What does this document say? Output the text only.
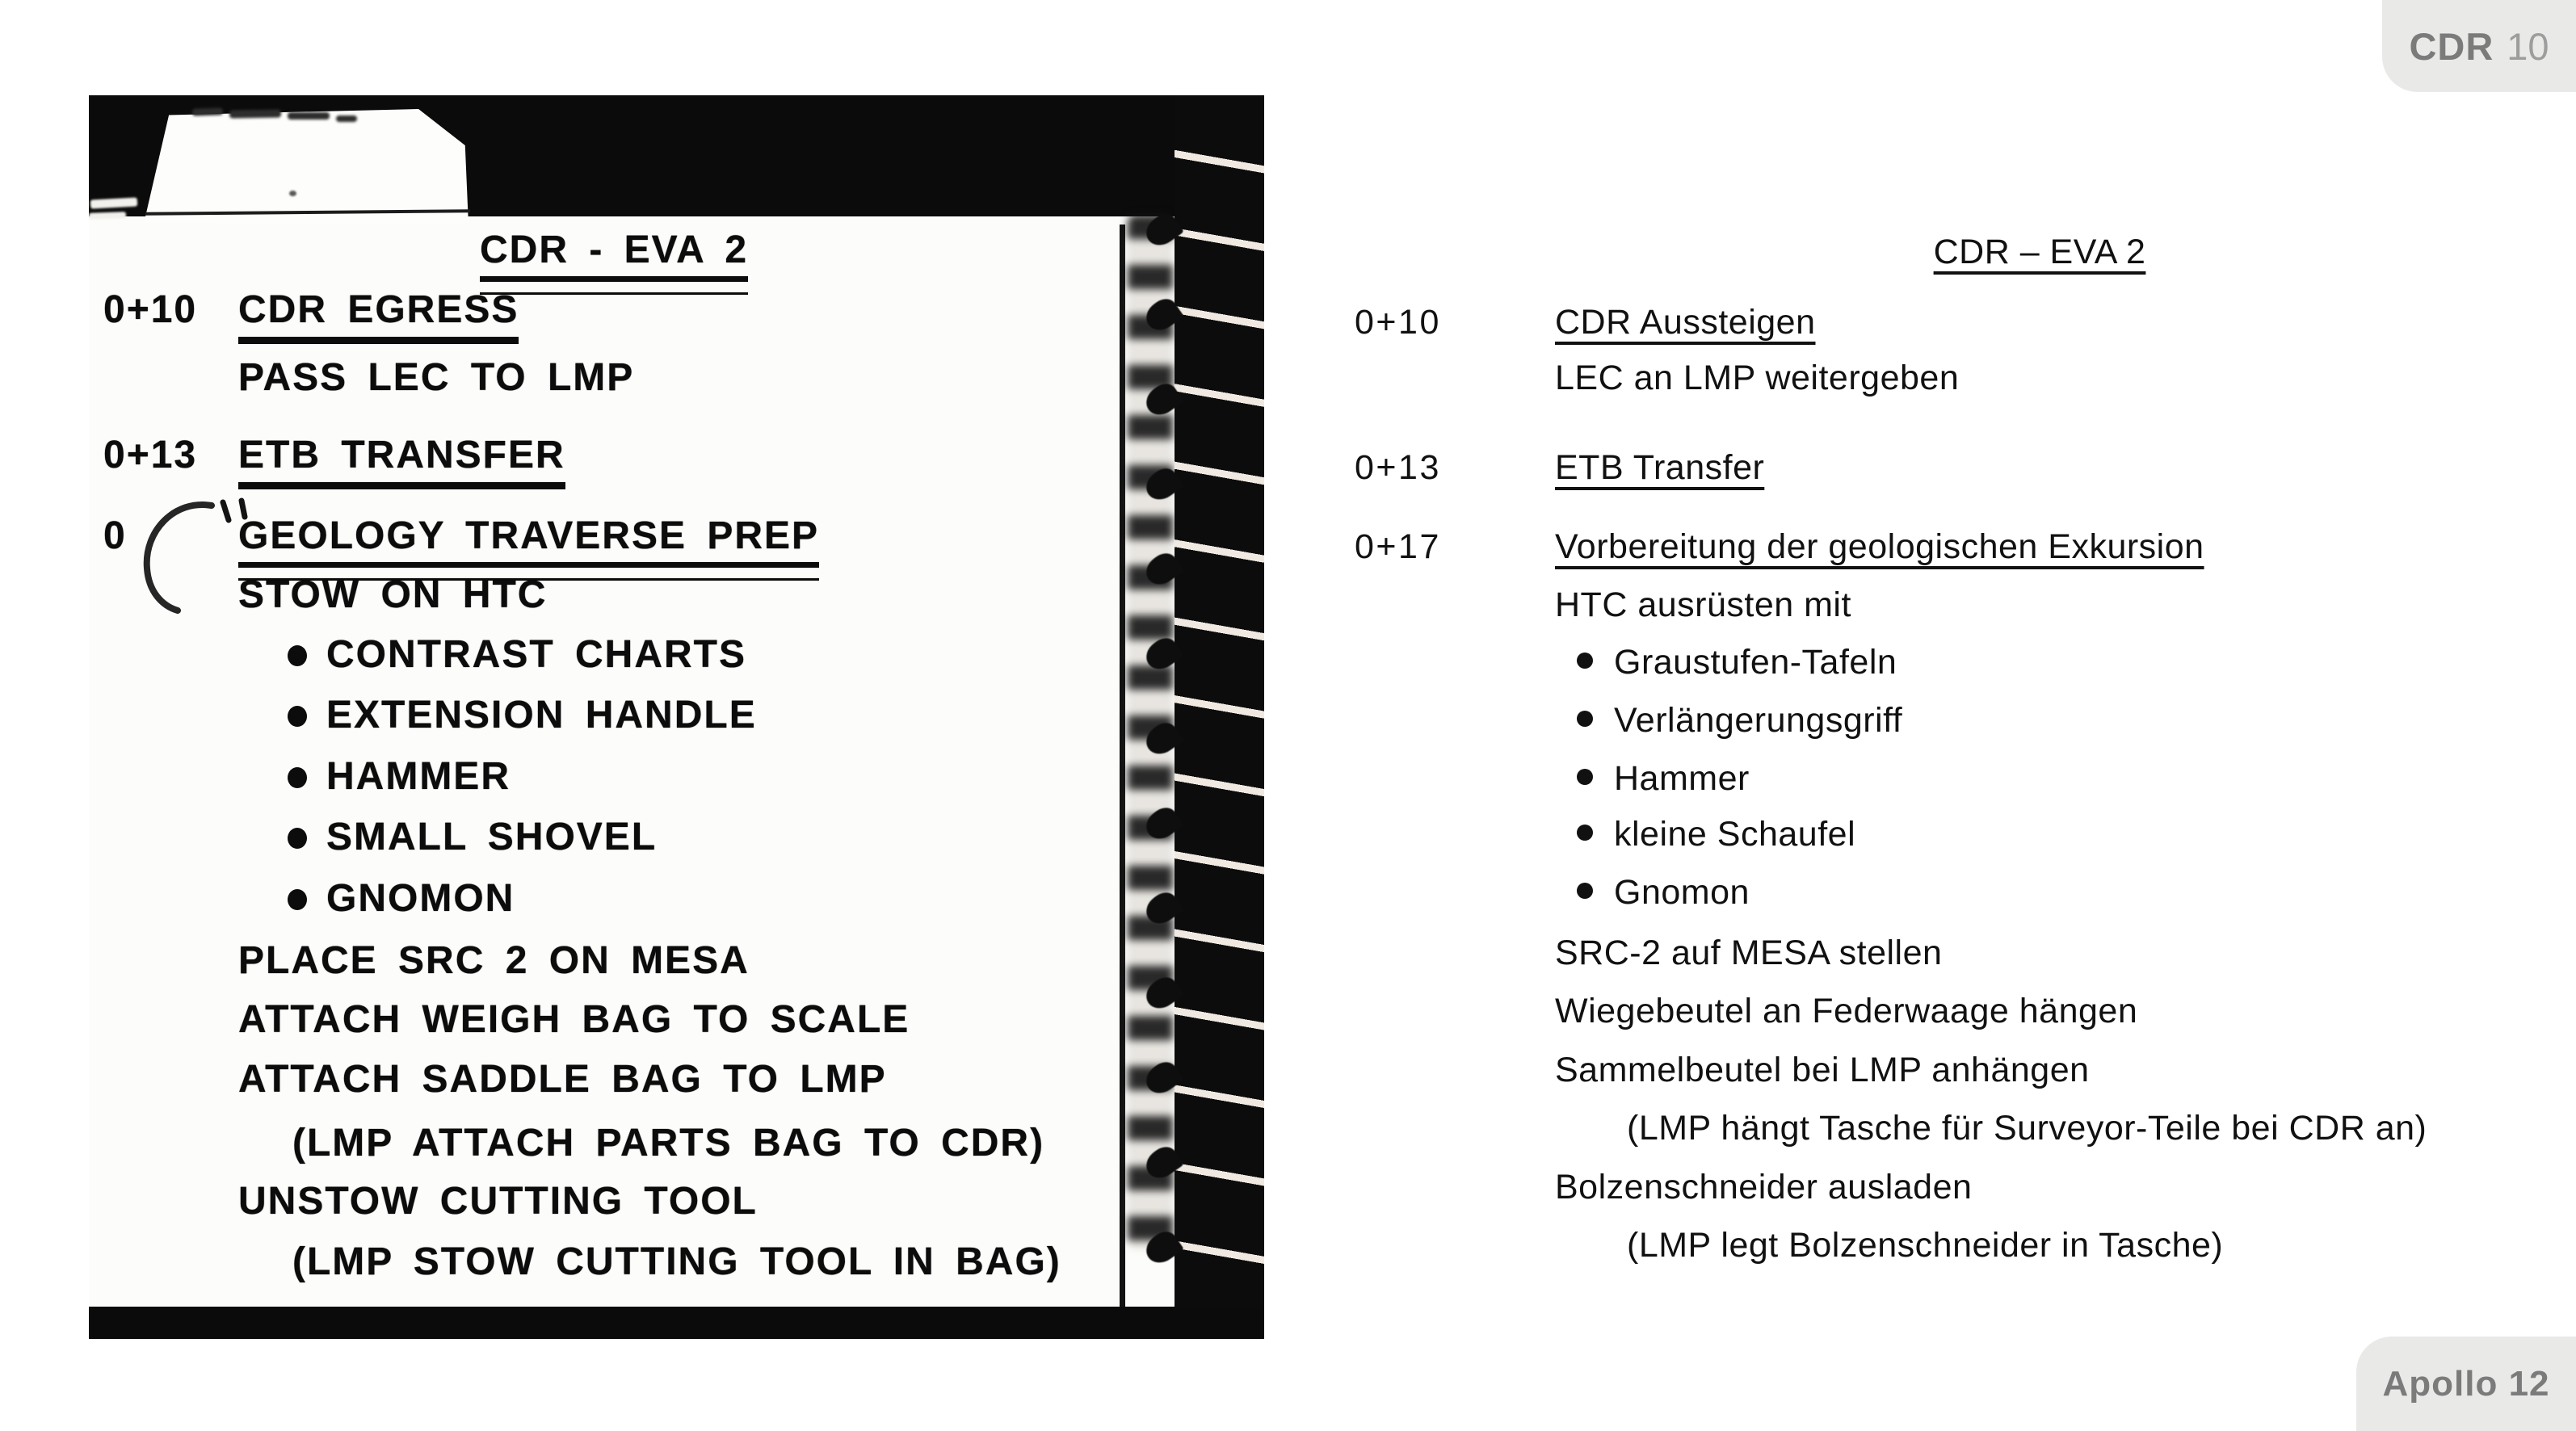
CDR 10
Apollo 12
CDR - EVA 2
0+10 CDR EGRESS
PASS LEC TO LMP
0+13 ETB TRANSFER
0	GEOLOGY TRAVERSE PREP
STOW ON HTC
CONTRAST CHARTS
EXTENSION HANDLE
HAMMER
SMALL SHOVEL
GNOMON
PLACE SRC 2 ON MESA
ATTACH WEIGH BAG TO SCALE
ATTACH SADDLE BAG TO LMP
(LMP ATTACH PARTS BAG TO CDR)
UNSTOW CUTTING TOOL
(LMP STOW CUTTING TOOL IN BAG)
CDR – EVA 2
0+10	CDR Aussteigen
LEC an LMP weitergeben
0+13	ETB Transfer
0+17	Vorbereitung der geologischen Exkursion
HTC ausrüsten mit
Graustufen-Tafeln
Verlängerungsgriff
Hammer
kleine Schaufel
Gnomon
SRC-2 auf MESA stellen
Wiegebeutel an Federwaage hängen
Sammelbeutel bei LMP anhängen
(LMP hängt Tasche für Surveyor-Teile bei CDR an)
Bolzenschneider ausladen
(LMP legt Bolzenschneider in Tasche)
